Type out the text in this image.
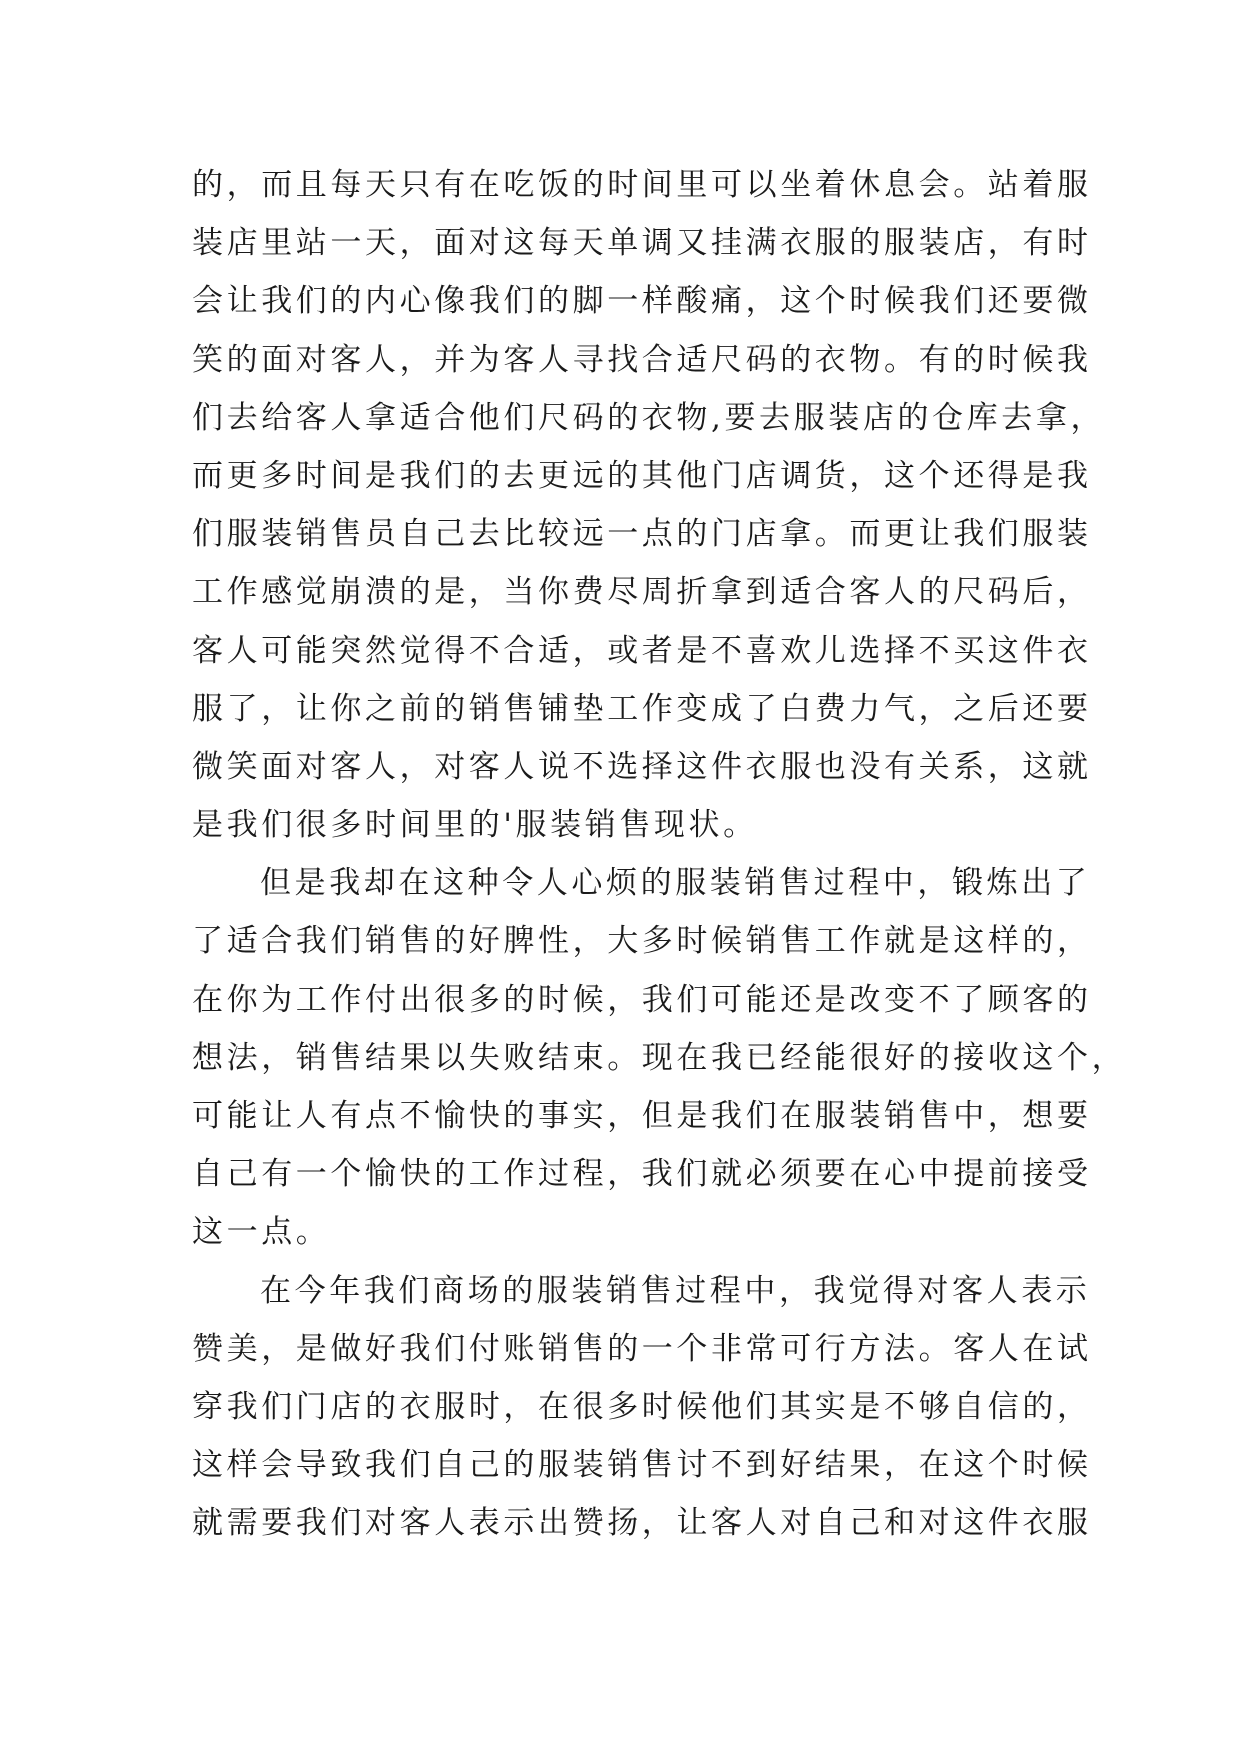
的，而且每天只有在吃饭的时间里可以坐着休息会。站着服
装店里站一天，面对这每天单调又挂满衣服的服装店，有时
会让我们的内心像我们的脚一样酸痛，这个时候我们还要微
笑的面对客人，并为客人寻找合适尺码的衣物。有的时候我
们去给客人拿适合他们尺码的衣物,要去服装店的仓库去拿，
而更多时间是我们的去更远的其他门店调货，这个还得是我
们服装销售员自己去比较远一点的门店拿。而更让我们服装
工作感觉崩溃的是，当你费尽周折拿到适合客人的尺码后，
客人可能突然觉得不合适，或者是不喜欢儿选择不买这件衣
服了，让你之前的销售铺垫工作变成了白费力气，之后还要
微笑面对客人，对客人说不选择这件衣服也没有关系，这就
是我们很多时间里的'服装销售现状。
但是我却在这种令人心烦的服装销售过程中，锻炼出了
了适合我们销售的好脾性，大多时候销售工作就是这样的，
在你为工作付出很多的时候，我们可能还是改变不了顾客的
想法，销售结果以失败结束。现在我已经能很好的接收这个，
可能让人有点不愉快的事实，但是我们在服装销售中，想要
自己有一个愉快的工作过程，我们就必须要在心中提前接受
这一点。
在今年我们商场的服装销售过程中，我觉得对客人表示
赞美，是做好我们付账销售的一个非常可行方法。客人在试
穿我们门店的衣服时，在很多时候他们其实是不够自信的，
这样会导致我们自己的服装销售讨不到好结果，在这个时候
就需要我们对客人表示出赞扬，让客人对自己和对这件衣服
